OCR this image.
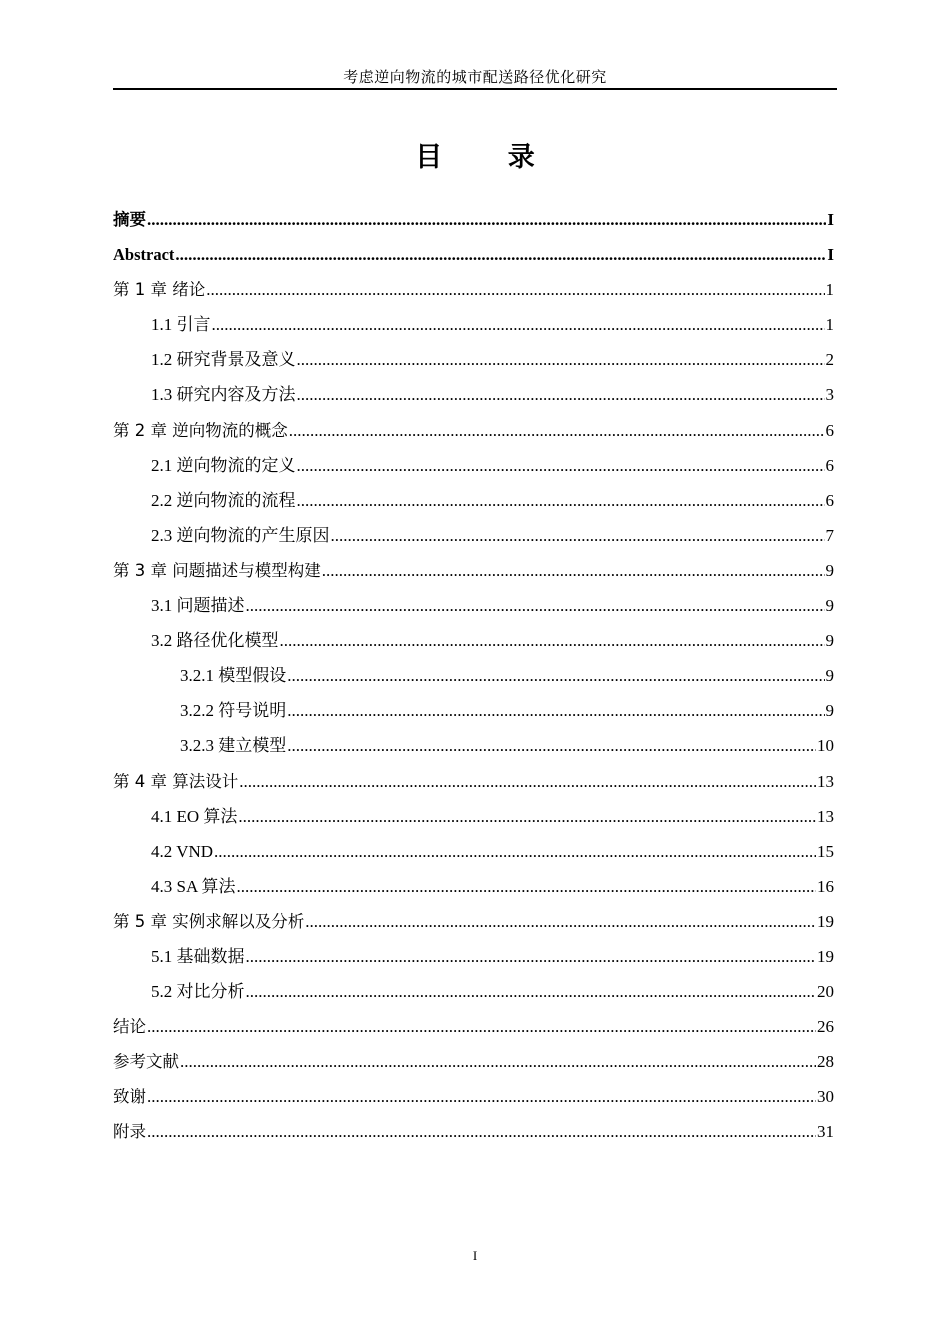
考虑逆向物流的城市配送路径优化研究
目 录
摘要 .....	I
Abstract .....	I
第 1 章 绪论 .....	1
1.1 引言 .....	1
1.2 研究背景及意义 .....	2
1.3 研究内容及方法 .....	3
第 2 章 逆向物流的概念 .....	6
2.1 逆向物流的定义 .....	6
2.2 逆向物流的流程 .....	6
2.3 逆向物流的产生原因 .....	7
第 3 章 问题描述与模型构建 .....	9
3.1 问题描述 .....	9
3.2 路径优化模型 .....	9
3.2.1 模型假设 .....	9
3.2.2 符号说明 .....	9
3.2.3 建立模型 .....	10
第 4 章 算法设计 .....	13
4.1 EO 算法 .....	13
4.2 VND .....	15
4.3 SA 算法 .....	16
第 5 章 实例求解以及分析 .....	19
5.1 基础数据 .....	19
5.2 对比分析 .....	20
结论 .....	26
参考文献 .....	28
致谢 .....	30
附录 .....	31
I
